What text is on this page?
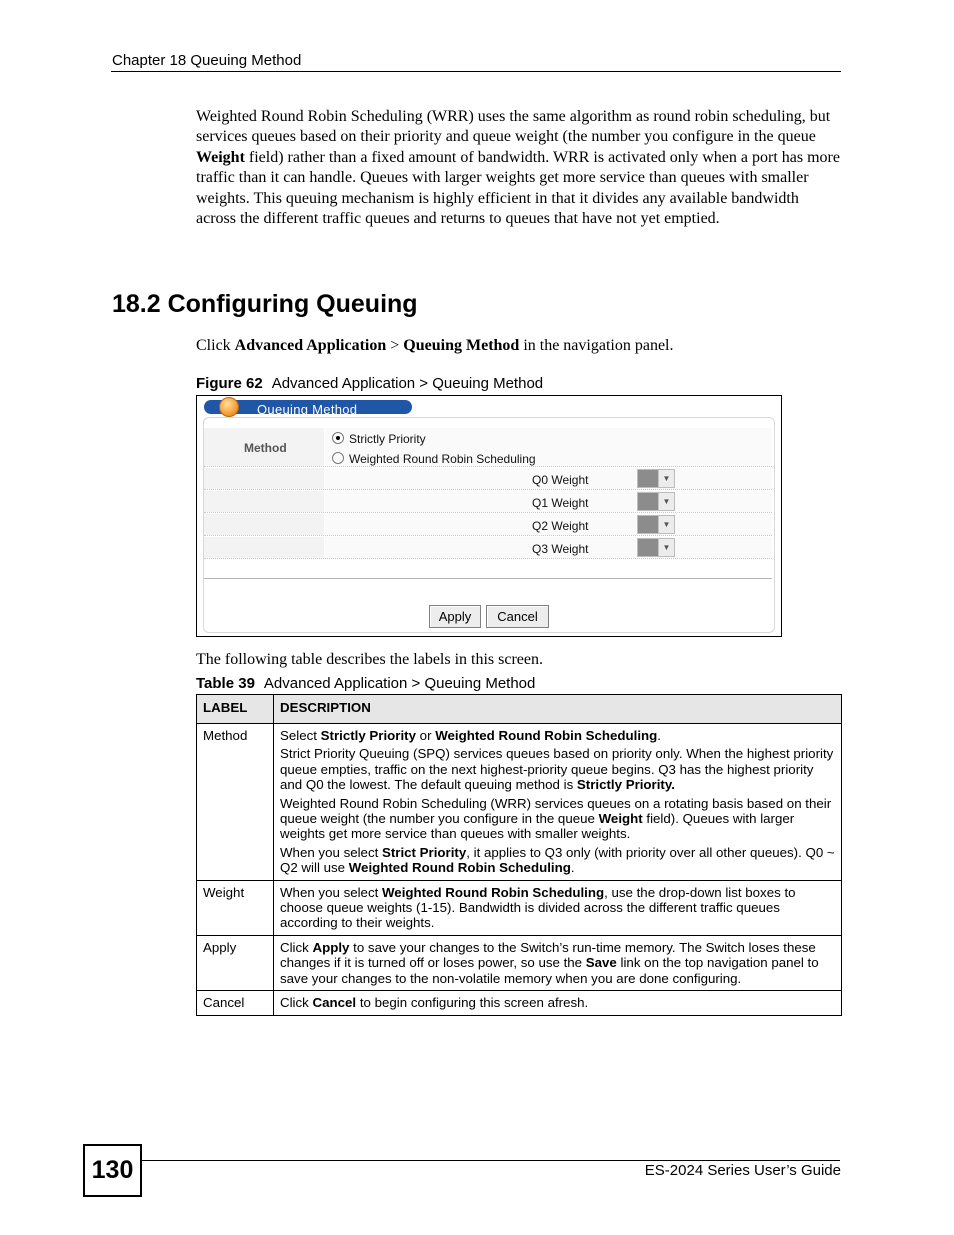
Chapter 18 Queuing Method

Weighted Round Robin Scheduling (WRR) uses the same algorithm as round robin scheduling, but services queues based on their priority and queue weight (the number you configure in the queue Weight field) rather than a fixed amount of bandwidth. WRR is activated only when a port has more traffic than it can handle. Queues with larger weights get more service than queues with smaller weights. This queuing mechanism is highly efficient in that it divides any available bandwidth across the different traffic queues and returns to queues that have not yet emptied.

18.2 Configuring Queuing

Click Advanced Application > Queuing Method in the navigation panel.

Figure 62 Advanced Application > Queuing Method
Queuing Method
Method
Strictly Priority
Weighted Round Robin Scheduling
Q0 Weight	▼
Q1 Weight	▼
Q2 Weight	▼
Q3 Weight	▼
Apply	Cancel

The following table describes the labels in this screen.

Table 39 Advanced Application > Queuing Method
LABEL	DESCRIPTION
Method	Select Strictly Priority or Weighted Round Robin Scheduling.

Strict Priority Queuing (SPQ) services queues based on priority only. When the highest priority queue empties, traffic on the next highest-priority queue begins. Q3 has the highest priority and Q0 the lowest. The default queuing method is Strictly Priority.

Weighted Round Robin Scheduling (WRR) services queues on a rotating basis based on their queue weight (the number you configure in the queue Weight field). Queues with larger weights get more service than queues with smaller weights.

When you select Strict Priority, it applies to Q3 only (with priority over all other queues). Q0 ~ Q2 will use Weighted Round Robin Scheduling.

Weight	When you select Weighted Round Robin Scheduling, use the drop-down list boxes to choose queue weights (1-15). Bandwidth is divided across the different traffic queues according to their weights.
Apply	Click Apply to save your changes to the Switch’s run-time memory. The Switch loses these changes if it is turned off or loses power, so use the Save link on the top navigation panel to save your changes to the non-volatile memory when you are done configuring.
Cancel	Click Cancel to begin configuring this screen afresh.
130	ES-2024 Series User’s Guide
